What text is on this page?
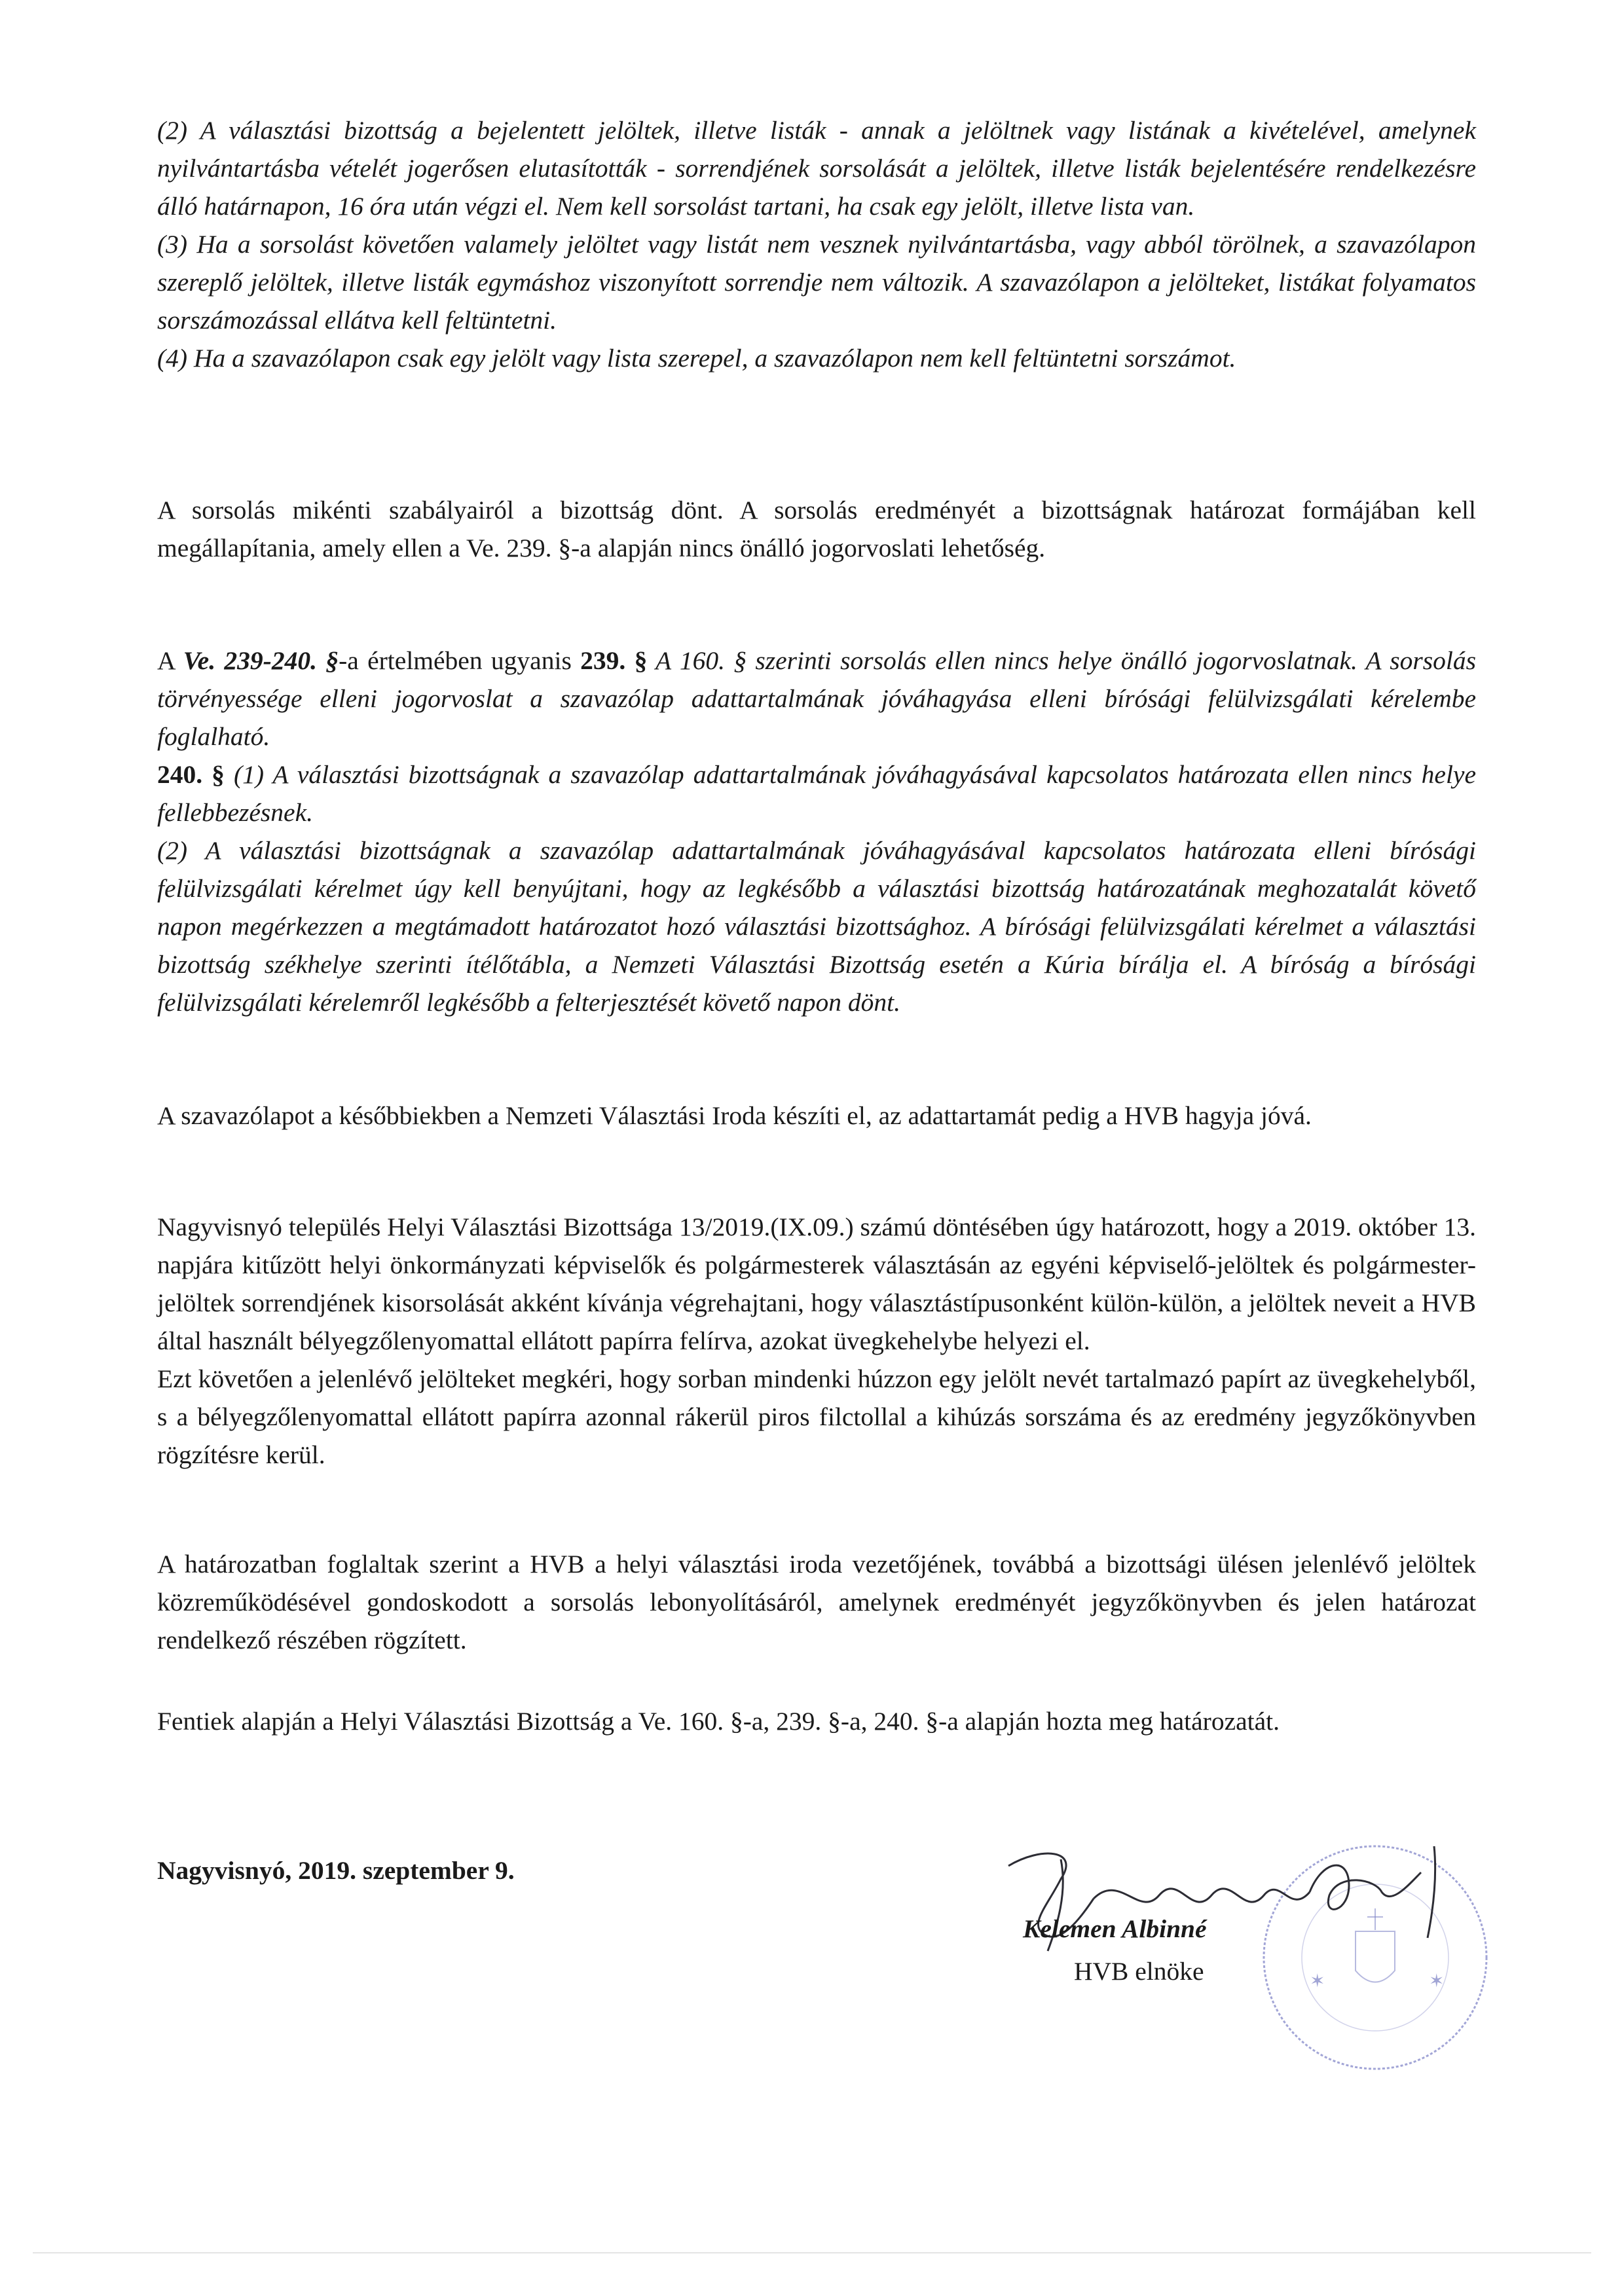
(2) A választási bizottság a bejelentett jelöltek, illetve listák - annak a jelöltnek vagy listának a kivételével, amelynek nyilvántartásba vételét jogerősen elutasították - sorrendjének sorsolását a jelöltek, illetve listák bejelentésére rendelkezésre álló határnapon, 16 óra után végzi el. Nem kell sorsolást tartani, ha csak egy jelölt, illetve lista van.

(3) Ha a sorsolást követően valamely jelöltet vagy listát nem vesznek nyilvántartásba, vagy abból törölnek, a szavazólapon szereplő jelöltek, illetve listák egymáshoz viszonyított sorrendje nem változik. A szavazólapon a jelölteket, listákat folyamatos sorszámozással ellátva kell feltüntetni.

(4) Ha a szavazólapon csak egy jelölt vagy lista szerepel, a szavazólapon nem kell feltüntetni sorszámot.

A sorsolás mikénti szabályairól a bizottság dönt. A sorsolás eredményét a bizottságnak határozat formájában kell megállapítania, amely ellen a Ve. 239. §-a alapján nincs önálló jogorvoslati lehetőség.

A Ve. 239-240. §-a értelmében ugyanis 239. § A 160. § szerinti sorsolás ellen nincs helye önálló jogorvoslatnak. A sorsolás törvényessége elleni jogorvoslat a szavazólap adattartalmának jóváhagyása elleni bírósági felülvizsgálati kérelembe foglalható.

240. § (1) A választási bizottságnak a szavazólap adattartalmának jóváhagyásával kapcsolatos határozata ellen nincs helye fellebbezésnek.

(2) A választási bizottságnak a szavazólap adattartalmának jóváhagyásával kapcsolatos határozata elleni bírósági felülvizsgálati kérelmet úgy kell benyújtani, hogy az legkésőbb a választási bizottság határozatának meghozatalát követő napon megérkezzen a megtámadott határozatot hozó választási bizottsághoz. A bírósági felülvizsgálati kérelmet a választási bizottság székhelye szerinti ítélőtábla, a Nemzeti Választási Bizottság esetén a Kúria bírálja el. A bíróság a bírósági felülvizsgálati kérelemről legkésőbb a felterjesztését követő napon dönt.

A szavazólapot a későbbiekben a Nemzeti Választási Iroda készíti el, az adattartamát pedig a HVB hagyja jóvá.

Nagyvisnyó település Helyi Választási Bizottsága 13/2019.(IX.09.) számú döntésében úgy határozott, hogy a 2019. október 13. napjára kitűzött helyi önkormányzati képviselők és polgármesterek választásán az egyéni képviselő-jelöltek és polgármester-jelöltek sorrendjének kisorsolását akként kívánja végrehajtani, hogy választástípusonként külön-külön, a jelöltek neveit a HVB által használt bélyegzőlenyomattal ellátott papírra felírva, azokat üvegkehelybe helyezi el.

Ezt követően a jelenlévő jelölteket megkéri, hogy sorban mindenki húzzon egy jelölt nevét tartalmazó papírt az üvegkehelyből, s a bélyegzőlenyomattal ellátott papírra azonnal rákerül piros filctollal a kihúzás sorszáma és az eredmény jegyzőkönyvben rögzítésre kerül.

A határozatban foglaltak szerint a HVB a helyi választási iroda vezetőjének, továbbá a bizottsági ülésen jelenlévő jelöltek közreműködésével gondoskodott a sorsolás lebonyolításáról, amelynek eredményét jegyzőkönyvben és jelen határozat rendelkező részében rögzített.
Fentiek alapján a Helyi Választási Bizottság a Ve. 160. §-a, 239. §-a, 240. §-a alapján hozta meg határozatát.
Nagyvisnyó, 2019. szeptember 9.
✶	✶
Kelemen Albinné
HVB elnöke
